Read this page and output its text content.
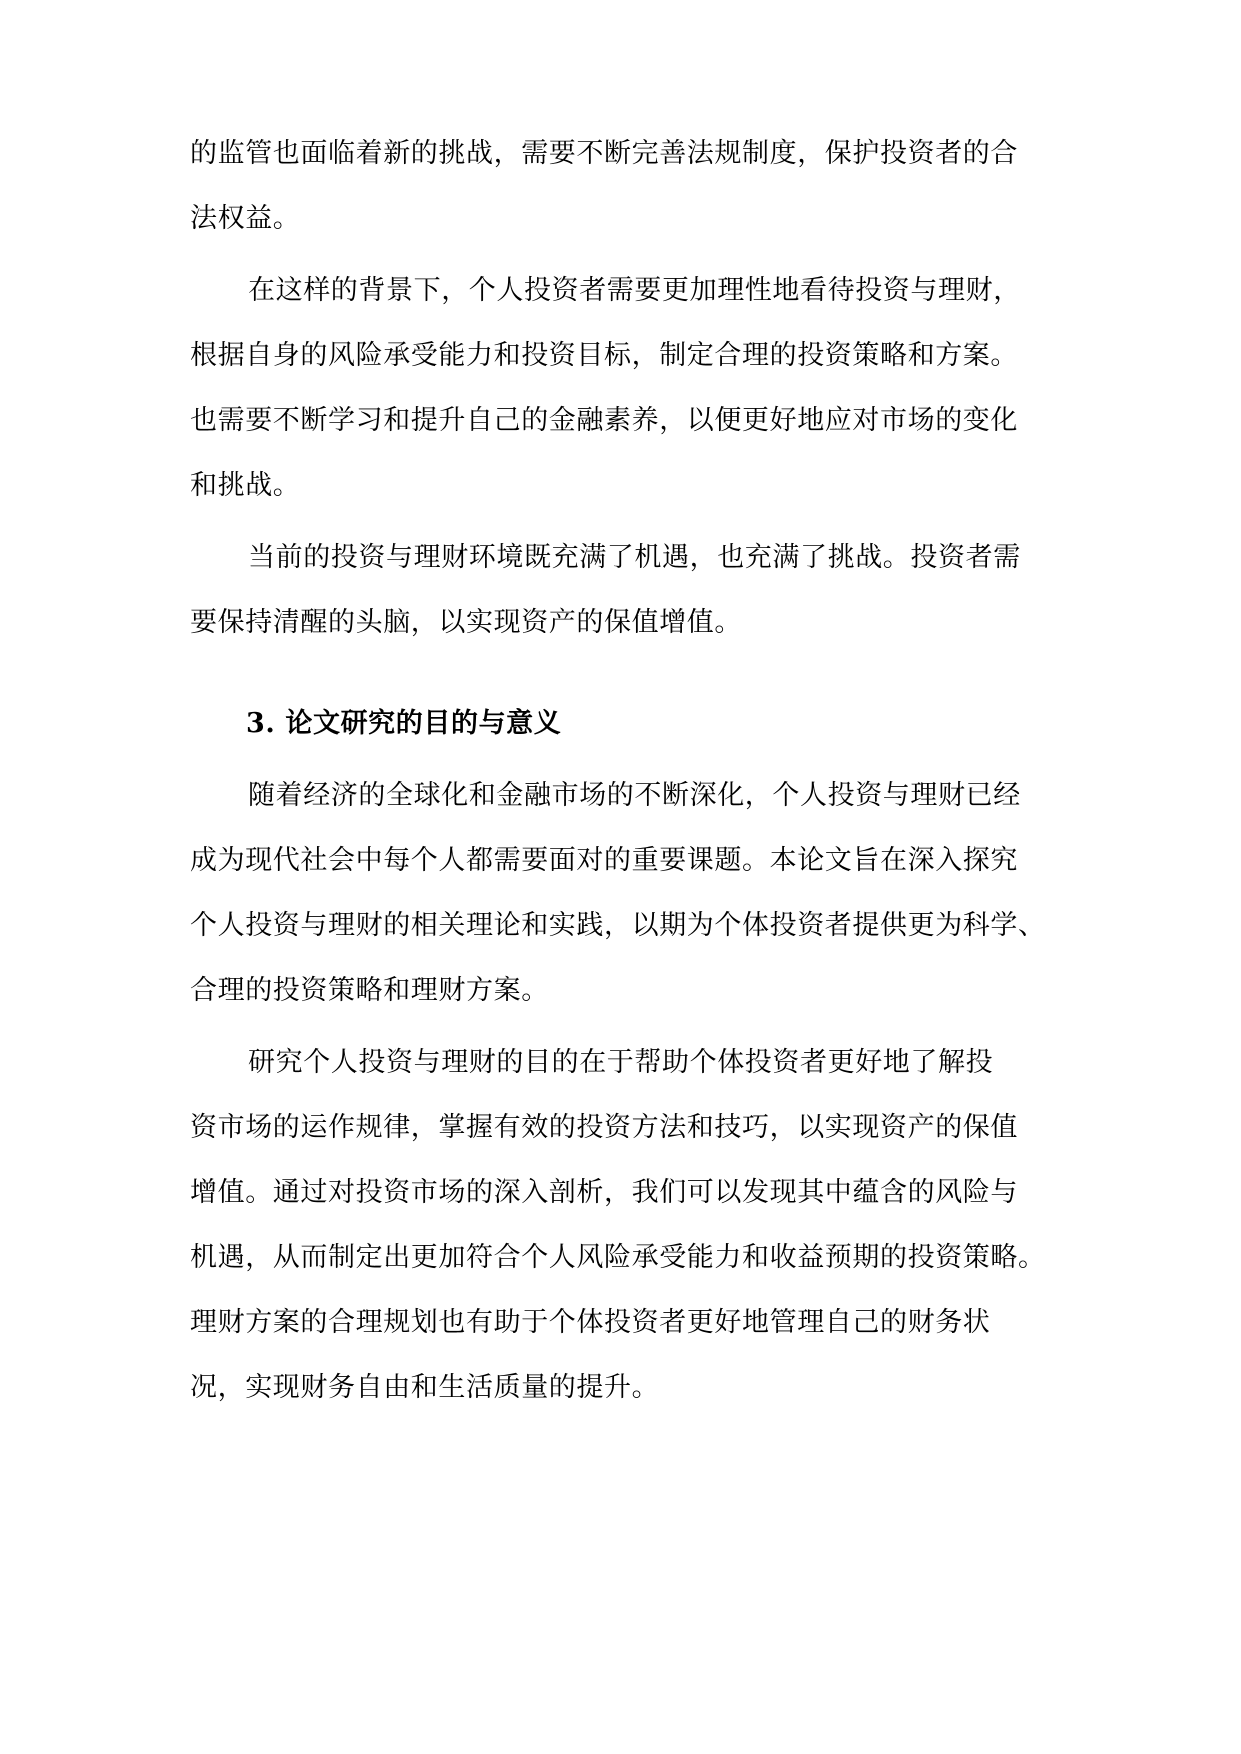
的监管也面临着新的挑战，需要不断完善法规制度，保护投资者的合
法权益。
在这样的背景下，个人投资者需要更加理性地看待投资与理财，
根据自身的风险承受能力和投资目标，制定合理的投资策略和方案。
也需要不断学习和提升自己的金融素养，以便更好地应对市场的变化
和挑战。
当前的投资与理财环境既充满了机遇，也充满了挑战。投资者需
要保持清醒的头脑，以实现资产的保值增值。
3. 论文研究的目的与意义
随着经济的全球化和金融市场的不断深化，个人投资与理财已经
成为现代社会中每个人都需要面对的重要课题。本论文旨在深入探究
个人投资与理财的相关理论和实践，以期为个体投资者提供更为科学、
合理的投资策略和理财方案。
研究个人投资与理财的目的在于帮助个体投资者更好地了解投
资市场的运作规律，掌握有效的投资方法和技巧，以实现资产的保值
增值。通过对投资市场的深入剖析，我们可以发现其中蕴含的风险与
机遇，从而制定出更加符合个人风险承受能力和收益预期的投资策略。
理财方案的合理规划也有助于个体投资者更好地管理自己的财务状
况，实现财务自由和生活质量的提升。
